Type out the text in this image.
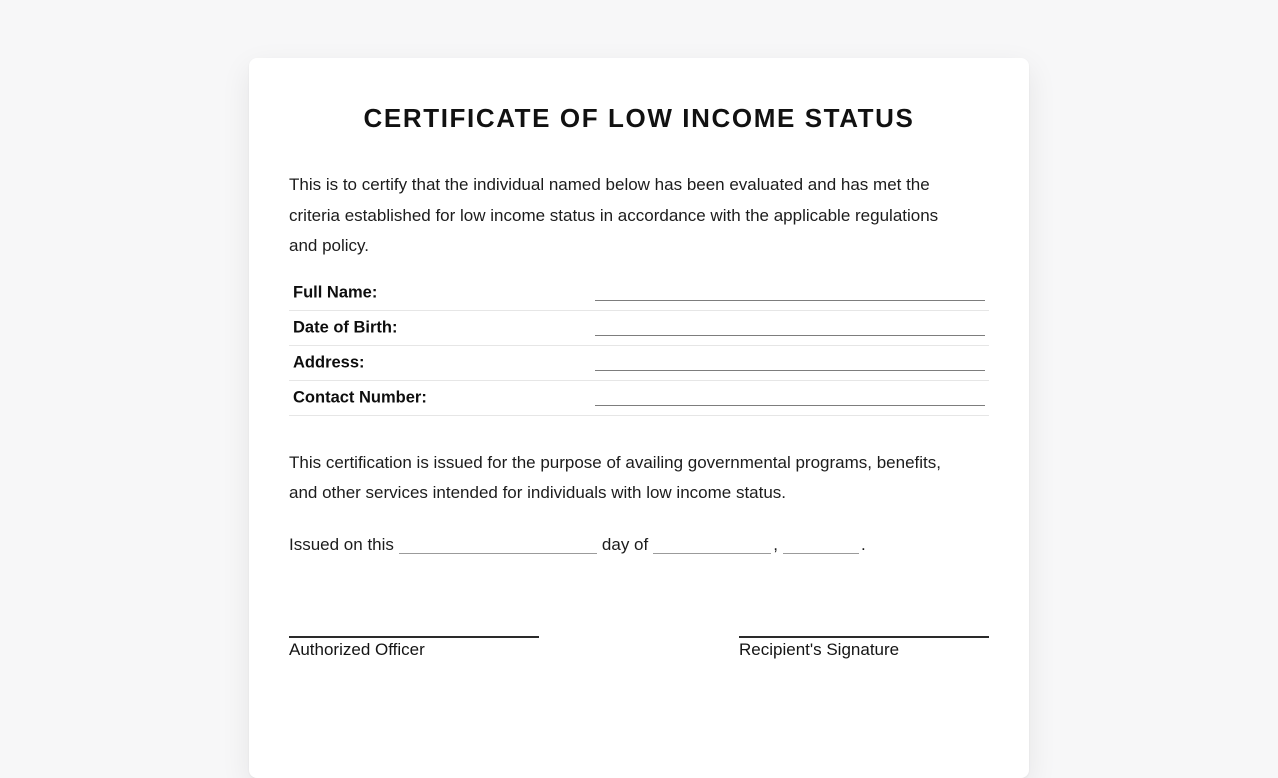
CERTIFICATE OF LOW INCOME STATUS
This is to certify that the individual named below has been evaluated and has met the
criteria established for low income status in accordance with the applicable regulations
and policy.
Full Name:
Date of Birth:
Address:
Contact Number:
This certification is issued for the purpose of availing governmental programs, benefits,
and other services intended for individuals with low income status.
Issued on this	day of	,	.
Authorized Officer	Recipient's Signature
